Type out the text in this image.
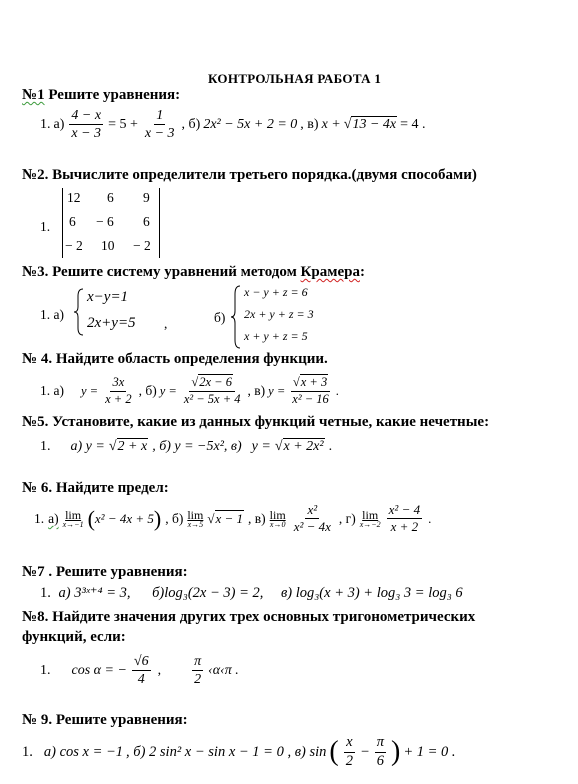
КОНТРОЛЬНАЯ РАБОТА 1
№1 Решите уравнения:
1. $а) \frac{4 - x}{x - 3} = 5 + \frac{1}{x - 3}$ , б) 2x² − 5x + 2 = 0 , в) x + √13 − 4x = 4 .
№2. Вычислите определители третьего порядка.(двумя способами)
1.
12 6 9
6 − 6 6
− 2 10 − 2
№3. Решите систему уравнений методом Крамера:
1. а)
x−y=1
2x+y=5 ,	б)
x − y + z = 6
2x + y + z = 3
x + y + z = 5
№ 4. Найдите область определения функции.
1. а) $y = \frac{3x}{x + 2}$ , б) $y = \frac{√2x - 6}{\text{x² − 5x + 4}}$ , в) $y = \frac{√x + 3}{\text{x² − 16}}$ .
№5. Установите, какие из данных функций четные, какие нечетные:
1. а) y = √2 + x , б) y = −5x², в) y = √x + 2x² .
№ 6. Найдите предел:
1. а) lim
x→−1 (x² − 4x + 5) , б) lim
x→5 √x − 1 , в) lim
$x\to 0 \frac{\text{x²}}{\text{x² − 4x}}$ , г) lim
$x\to-2 \frac{\text{x² − 4}}{x + 2}$ .
№7 . Решите уравнения:
1. а) 3³ˣ⁺⁴ = 3, б)log₃(2x − 3) = 2, в) log₃(x + 3) + log₃ 3 = log₃ 6
№8. Найдите значения других трех основных тригонометрических
функций, если:
1. cos α = − $\frac{√6}{4}$ , $\frac{\pi}{2}$ ‹α‹π .
№ 9. Решите уравнения:
1. а) cos x = −1 , б) 2 sin² x − sin x − 1 = 0 , в) sin ( $\frac{x}{2} - \frac{\pi}{6}$ ) + 1 = 0 .
